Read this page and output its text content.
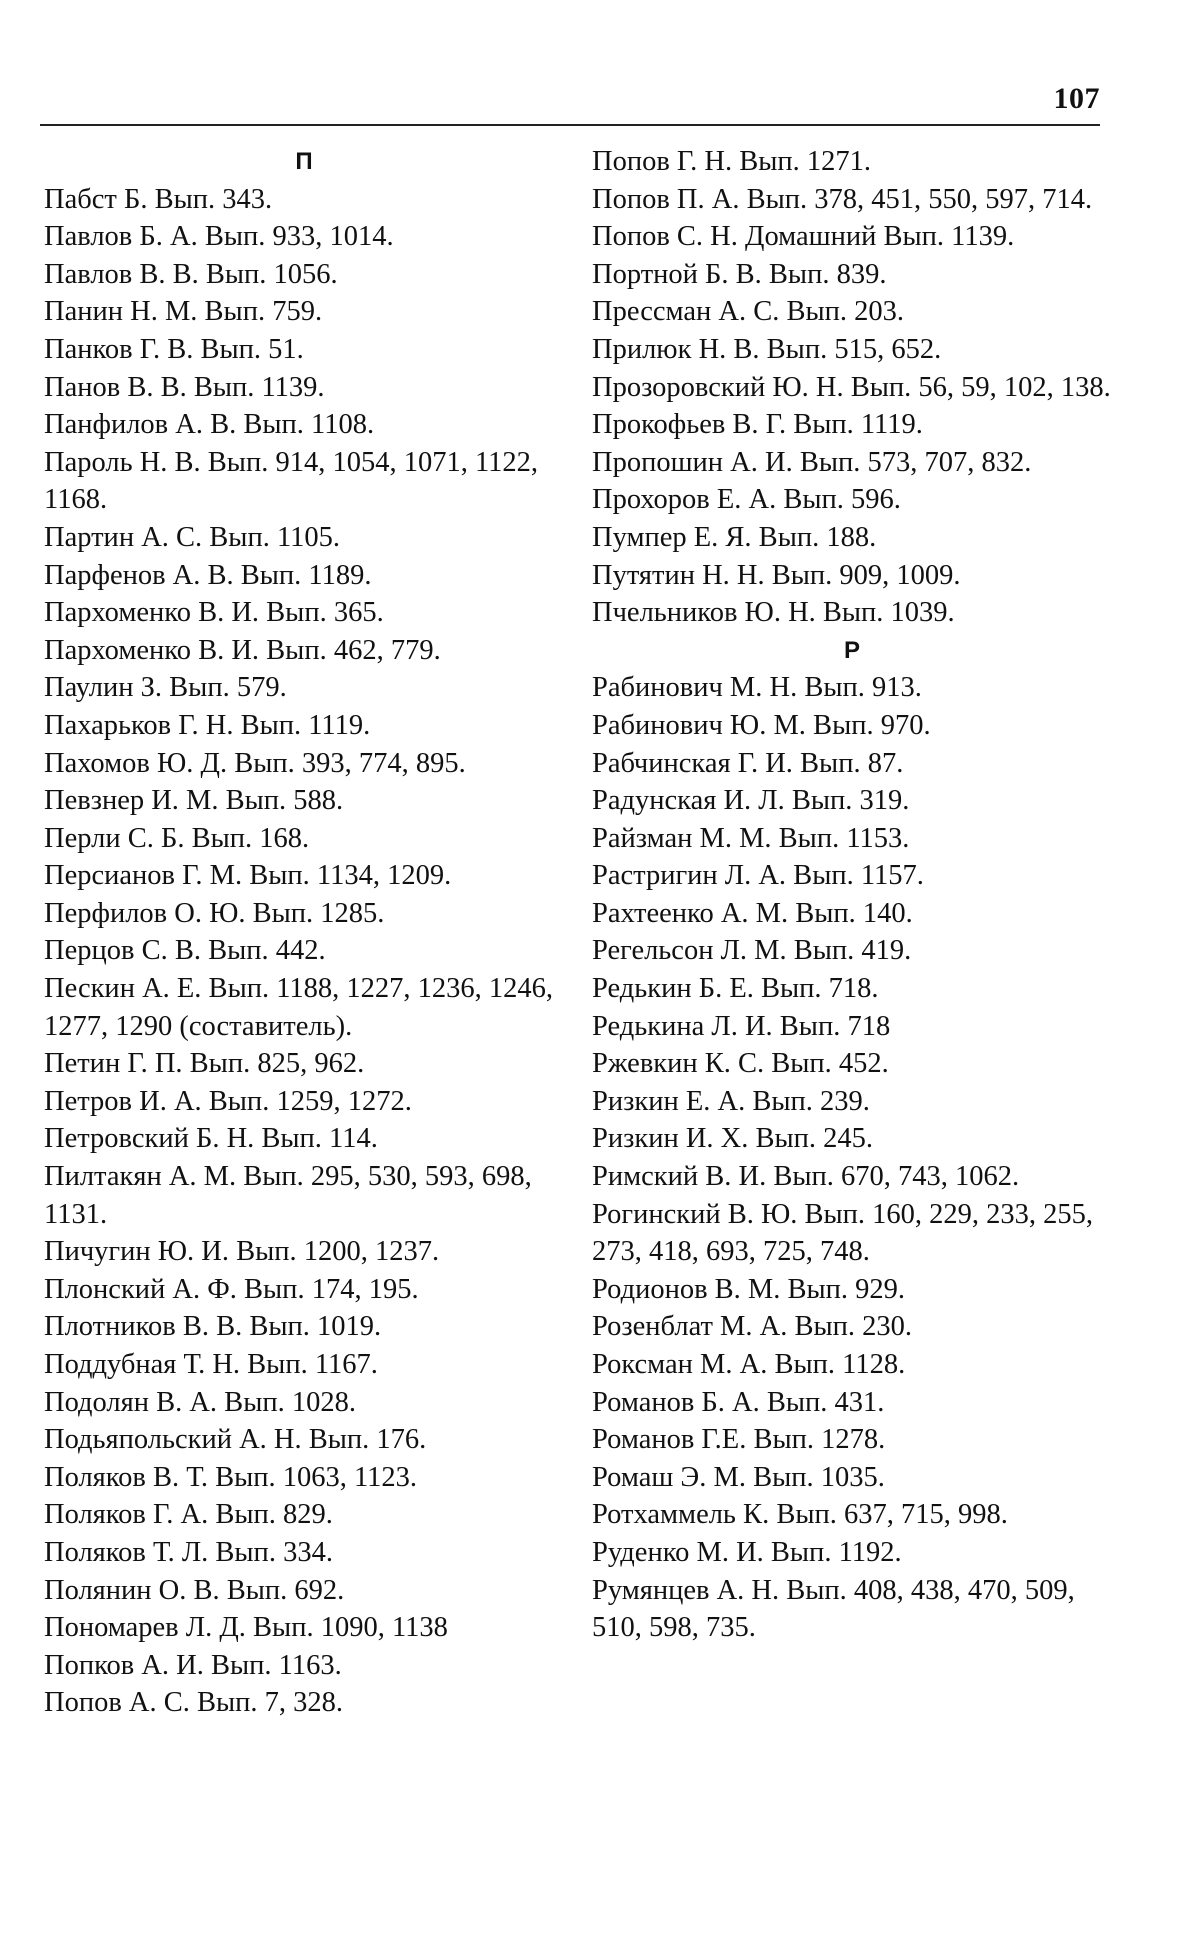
107
П
Пабст Б. Вып. 343.
Павлов Б. А. Вып. 933, 1014.
Павлов В. В. Вып. 1056.
Панин Н. М. Вып. 759.
Панков Г. В. Вып. 51.
Панов В. В. Вып. 1139.
Панфилов А. В. Вып. 1108.
Пароль Н. В. Вып. 914, 1054, 1071, 1122, 1168.
Партин А. С. Вып. 1105.
Парфенов А. В. Вып. 1189.
Пархоменко В. И. Вып. 365.
Пархоменко В. И. Вып. 462, 779.
Паулин З. Вып. 579.
Пахарьков Г. Н. Вып. 1119.
Пахомов Ю. Д. Вып. 393, 774, 895.
Певзнер И. М. Вып. 588.
Перли С. Б. Вып. 168.
Персианов Г. М. Вып. 1134, 1209.
Перфилов О. Ю. Вып. 1285.
Перцов С. В. Вып. 442.
Пескин А. Е. Вып. 1188, 1227, 1236, 1246, 1277, 1290 (составитель).
Петин Г. П. Вып. 825, 962.
Петров И. А. Вып. 1259, 1272.
Петровский Б. Н. Вып. 114.
Пилтакян А. М. Вып. 295, 530, 593, 698, 1131.
Пичугин Ю. И. Вып. 1200, 1237.
Плонский А. Ф. Вып. 174, 195.
Плотников В. В. Вып. 1019.
Поддубная Т. Н. Вып. 1167.
Подолян В. А. Вып. 1028.
Подьяпольский А. Н. Вып. 176.
Поляков В. Т. Вып. 1063, 1123.
Поляков Г. А. Вып. 829.
Поляков Т. Л. Вып. 334.
Полянин О. В. Вып. 692.
Пономарев Л. Д. Вып. 1090, 1138
Попков А. И. Вып. 1163.
Попов А. С. Вып. 7, 328.
Попов Г. Н. Вып. 1271.
Попов П. А. Вып. 378, 451, 550, 597, 714.
Попов С. Н. Домашний Вып. 1139.
Портной Б. В. Вып. 839.
Прессман А. С. Вып. 203.
Прилюк Н. В. Вып. 515, 652.
Прозоровский Ю. Н. Вып. 56, 59, 102, 138.
Прокофьев В. Г. Вып. 1119.
Пропошин А. И. Вып. 573, 707, 832.
Прохоров Е. А. Вып. 596.
Пумпер Е. Я. Вып. 188.
Путятин Н. Н. Вып. 909, 1009.
Пчельников Ю. Н. Вып. 1039.
Р
Рабинович М. Н. Вып. 913.
Рабинович Ю. М. Вып. 970.
Рабчинская Г. И. Вып. 87.
Радунская И. Л. Вып. 319.
Райзман М. М. Вып. 1153.
Растригин Л. А. Вып. 1157.
Рахтеенко А. М. Вып. 140.
Регельсон Л. М. Вып. 419.
Редькин Б. Е. Вып. 718.
Редькина Л. И. Вып. 718
Ржевкин К. С. Вып. 452.
Ризкин Е. А. Вып. 239.
Ризкин И. Х. Вып. 245.
Римский В. И. Вып. 670, 743, 1062.
Рогинский В. Ю. Вып. 160, 229, 233, 255, 273, 418, 693, 725, 748.
Родионов В. М. Вып. 929.
Розенблат М. А. Вып. 230.
Роксман М. А. Вып. 1128.
Романов Б. А. Вып. 431.
Романов Г.Е. Вып. 1278.
Ромаш Э. М. Вып. 1035.
Ротхаммель К. Вып. 637, 715, 998.
Руденко М. И. Вып. 1192.
Румянцев А. Н. Вып. 408, 438, 470, 509, 510, 598, 735.
